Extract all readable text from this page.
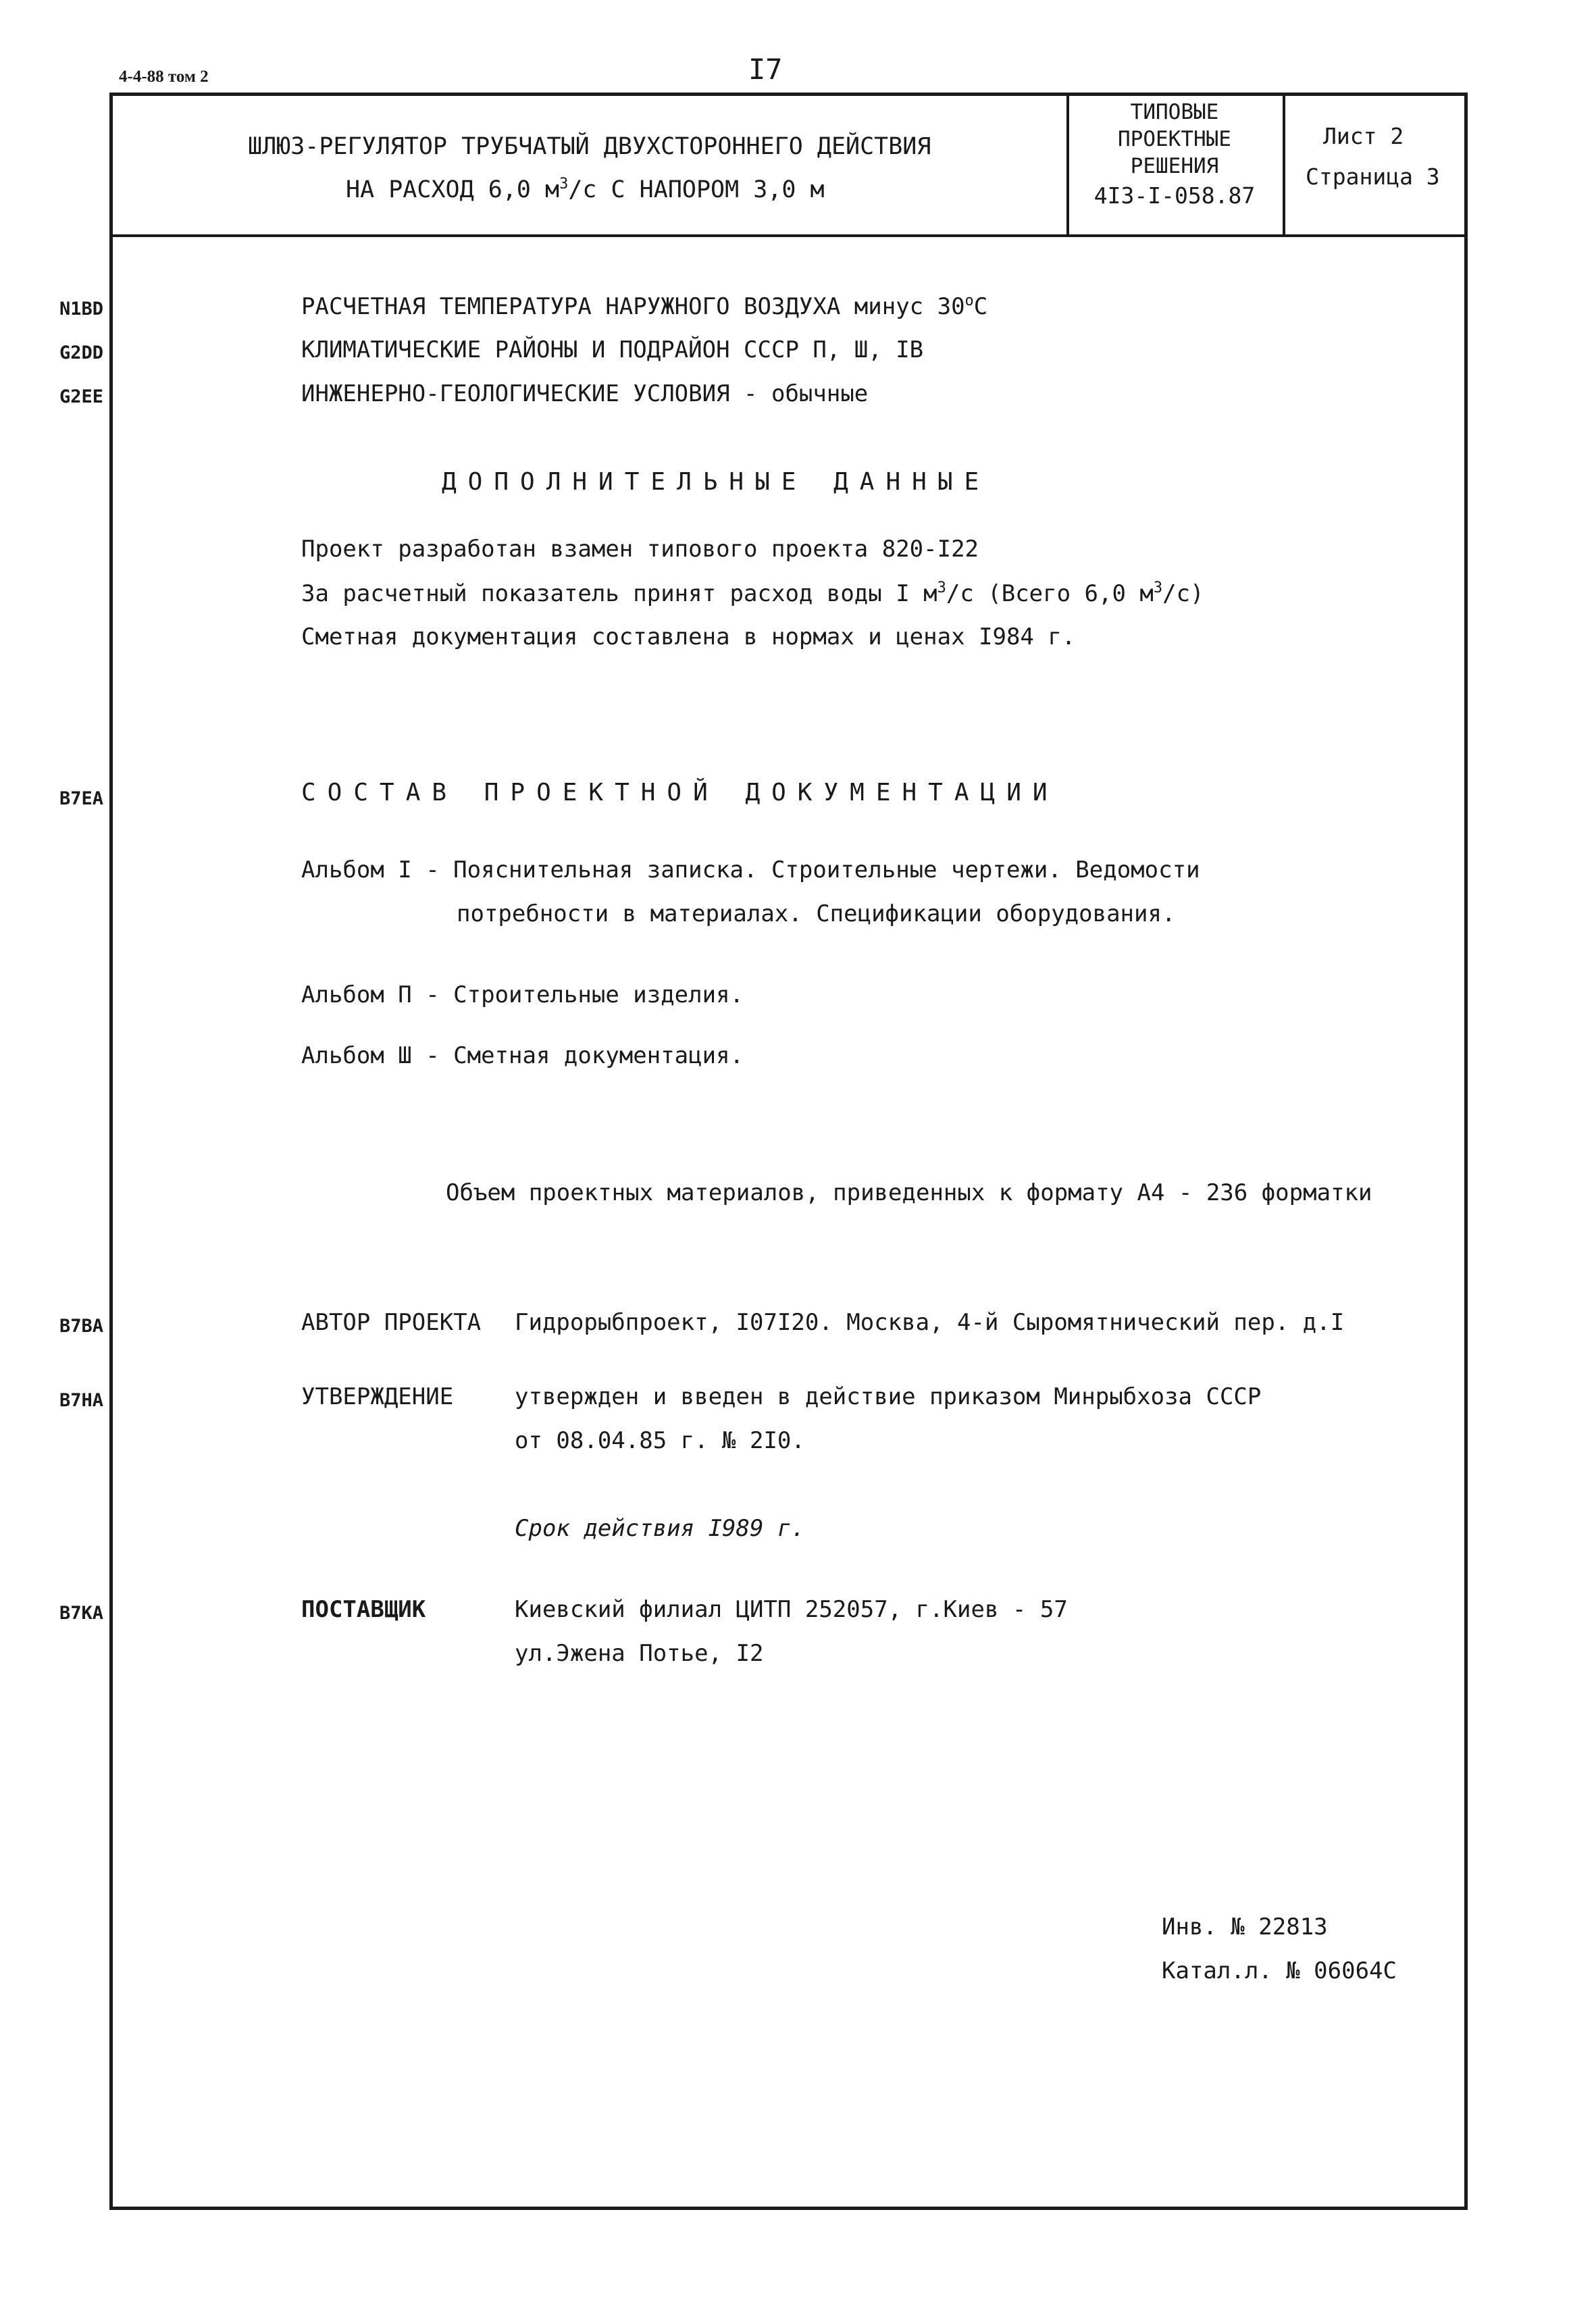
4-4-88 том 2	I7
ШЛЮЗ-РЕГУЛЯТОР ТРУБЧАТЫЙ ДВУХСТОРОННЕГО ДЕЙСТВИЯ
НА РАСХОД 6,0 $м^3/с$ С НАПОРОМ 3,0 м
ТИПОВЫЕ
ПРОЕКТНЫЕ
РЕШЕНИЯ
4I3-I-058.87
Лист 2
Страница 3
N1BD	РАСЧЕТНАЯ ТЕМПЕРАТУРА НАРУЖНОГО ВОЗДУХА минус $30^оС$
G2DD	КЛИМАТИЧЕСКИЕ РАЙОНЫ И ПОДРАЙОН СССР П, Ш, IВ
G2EE	ИНЖЕНЕРНО-ГЕОЛОГИЧЕСКИЕ УСЛОВИЯ - обычные
ДОПОЛНИТЕЛЬНЫЕ ДАННЫЕ
Проект разработан взамен типового проекта 820-I22
За расчетный показатель принят расход воды I $м^3/с$ (Всего 6,0 $м^3/с$)
Сметная документация составлена в нормах и ценах I984 г.
B7EA	СОСТАВ ПРОЕКТНОЙ ДОКУМЕНТАЦИИ
Альбом I - Пояснительная записка. Строительные чертежи. Ведомости
потребности в материалах. Спецификации оборудования.
Альбом П - Строительные изделия.
Альбом Ш - Сметная документация.
Объем проектных материалов, приведенных к формату А4 - 236 форматки
B7BA	АВТОР ПРОЕКТА Гидрорыбпроект, I07I20. Москва, 4-й Сыромятнический пер. д.I
B7HA	УТВЕРЖДЕНИЕ	утвержден и введен в действие приказом Минрыбхоза СССР
от 08.04.85 г. № 2I0.
Срок действия I989 г.
B7KA	ПОСТАВЩИК	Киевский филиал ЦИТП 252057, г.Киев - 57
ул.Эжена Потье, I2
Инв. № 22813
Катал.л. № 06064С
